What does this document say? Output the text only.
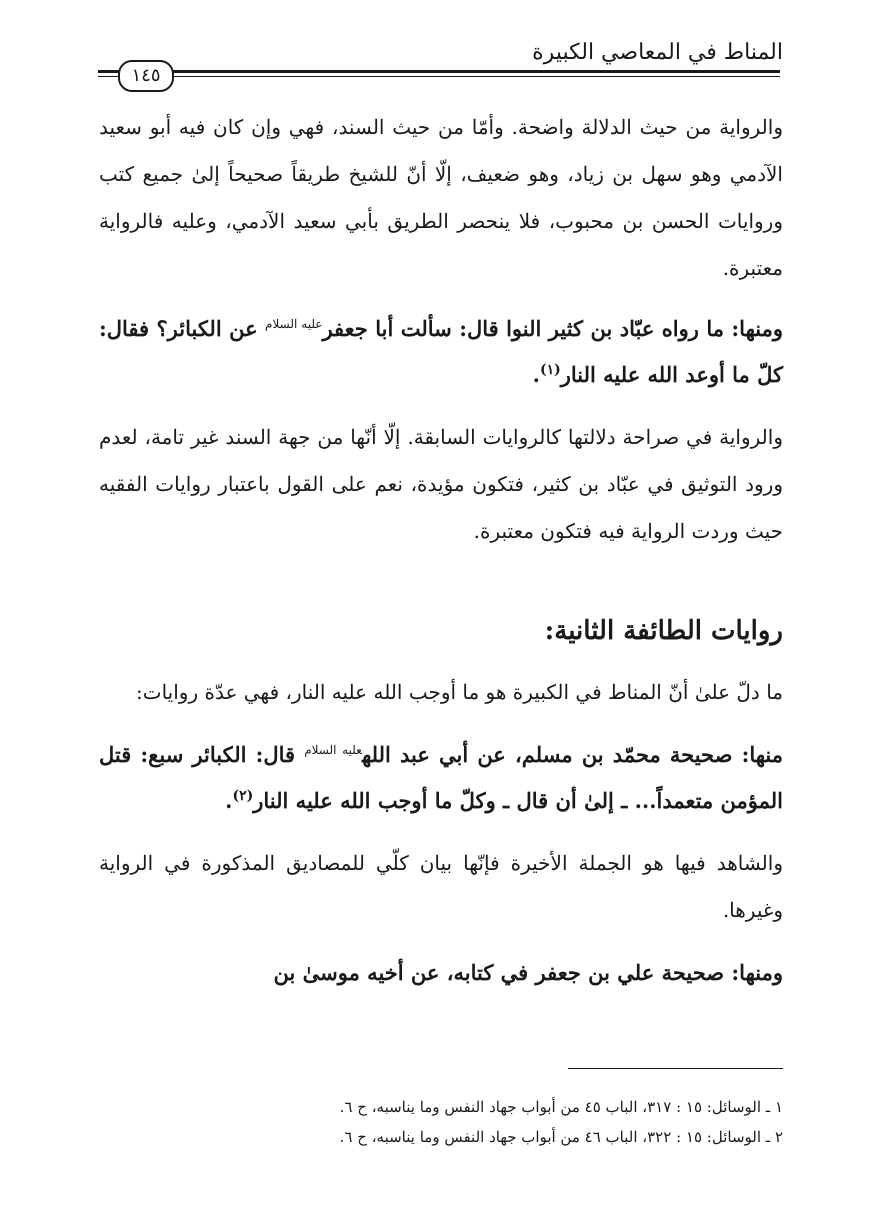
المناط في المعاصي الكبيرة
١٤٥

والرواية من حيث الدلالة واضحة. وأمّا من حيث السند، فهي وإن كان فيه أبو سعيد الآدمي وهو سهل بن زياد، وهو ضعيف، إلّا أنّ للشيخ طريقاً صحيحاً إلىٰ جميع كتب وروايات الحسن بن محبوب، فلا ينحصر الطريق بأبي سعيد الآدمي، وعليه فالرواية معتبرة.

ومنها: ما رواه عبّاد بن كثير النوا قال: سألت أبا جعفر$^{عليه السلام}$ عن الكبائر؟ فقال: كلّ ما أوعد الله عليه النار$^{(١)}$.

والرواية في صراحة دلالتها كالروايات السابقة. إلّا أنّها من جهة السند غير تامة، لعدم ورود التوثيق في عبّاد بن كثير، فتكون مؤيدة، نعم على القول باعتبار روايات الفقيه حيث وردت الرواية فيه فتكون معتبرة.

روايات الطائفة الثانية:

ما دلّ علىٰ أنّ المناط في الكبيرة هو ما أوجب الله عليه النار، فهي عدّة روايات:

منها: صحيحة محمّد بن مسلم، عن أبي عبد الله$^{عليه السلام}$ قال: الكبائر سبع: قتل المؤمن متعمداً... ـ إلىٰ أن قال ـ وكلّ ما أوجب الله عليه النار$^{(٢)}$.

والشاهد فيها هو الجملة الأخيرة فإنّها بيان كلّي للمصاديق المذكورة في الرواية وغيرها.

ومنها: صحيحة علي بن جعفر في كتابه، عن أخيه موسىٰ بن

١ ـ الوسائل: ١٥ : ٣١٧، الباب ٤٥ من أبواب جهاد النفس وما يناسبه، ح ٦.

٢ ـ الوسائل: ١٥ : ٣٢٢، الباب ٤٦ من أبواب جهاد النفس وما يناسبه، ح ٦.
